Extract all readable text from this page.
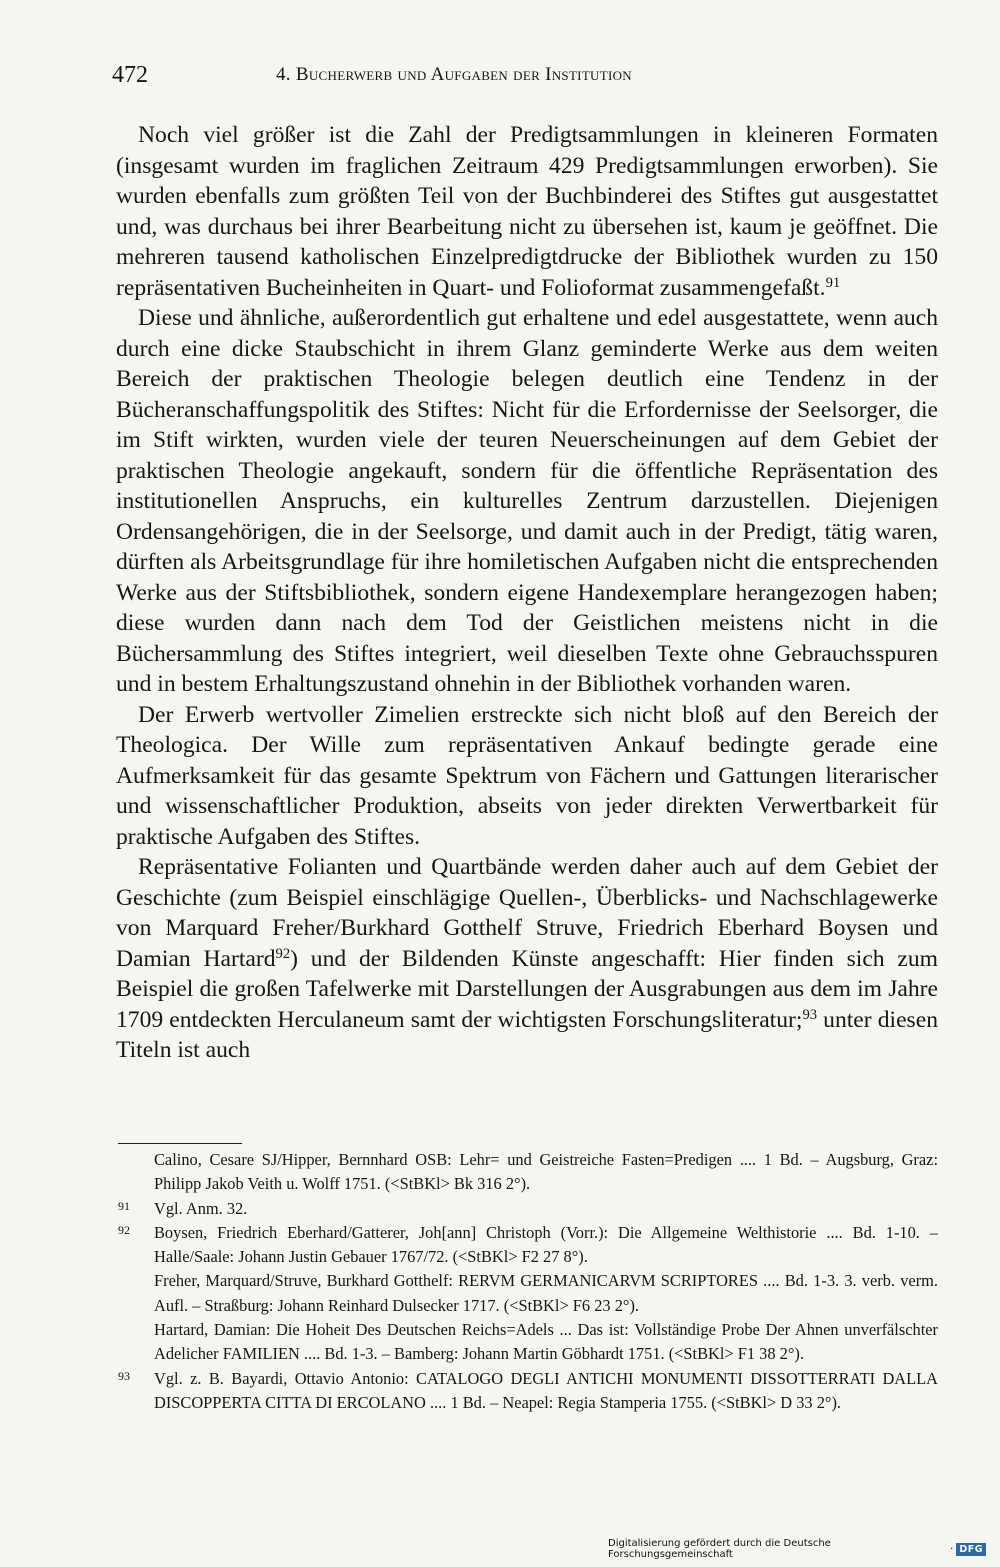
472	4. Bucherwerb und Aufgaben der Institution

Noch viel größer ist die Zahl der Predigtsammlungen in kleineren Formaten (insgesamt wurden im fraglichen Zeitraum 429 Predigtsammlungen erworben). Sie wurden ebenfalls zum größten Teil von der Buchbinderei des Stiftes gut ausgestattet und, was durchaus bei ihrer Bearbeitung nicht zu übersehen ist, kaum je geöffnet. Die mehreren tausend katholischen Einzelpredigtdrucke der Bibliothek wurden zu 150 repräsentativen Bucheinheiten in Quart- und Folioformat zusammengefaßt.$^{91}$

Diese und ähnliche, außerordentlich gut erhaltene und edel ausgestattete, wenn auch durch eine dicke Staubschicht in ihrem Glanz geminderte Werke aus dem weiten Bereich der praktischen Theologie belegen deutlich eine Tendenz in der Bücheranschaffungspolitik des Stiftes: Nicht für die Erfordernisse der Seelsorger, die im Stift wirkten, wurden viele der teuren Neuerscheinungen auf dem Gebiet der praktischen Theologie angekauft, sondern für die öffentliche Repräsentation des institutionellen Anspruchs, ein kulturelles Zentrum darzustellen. Diejenigen Ordensangehörigen, die in der Seelsorge, und damit auch in der Predigt, tätig waren, dürften als Arbeitsgrundlage für ihre homiletischen Aufgaben nicht die entsprechenden Werke aus der Stiftsbibliothek, sondern eigene Handexemplare herangezogen haben; diese wurden dann nach dem Tod der Geistlichen meistens nicht in die Büchersammlung des Stiftes integriert, weil dieselben Texte ohne Gebrauchsspuren und in bestem Erhaltungszustand ohnehin in der Bibliothek vorhanden waren.

Der Erwerb wertvoller Zimelien erstreckte sich nicht bloß auf den Bereich der Theologica. Der Wille zum repräsentativen Ankauf bedingte gerade eine Aufmerksamkeit für das gesamte Spektrum von Fächern und Gattungen literarischer und wissenschaftlicher Produktion, abseits von jeder direkten Verwertbarkeit für praktische Aufgaben des Stiftes.

Repräsentative Folianten und Quartbände werden daher auch auf dem Gebiet der Geschichte (zum Beispiel einschlägige Quellen-, Überblicks- und Nachschlagewerke von Marquard Freher/Burkhard Gotthelf Struve, Friedrich Eberhard Boysen und Damian Hartard$^{92}$) und der Bildenden Künste angeschafft: Hier finden sich zum Beispiel die großen Tafelwerke mit Darstellungen der Ausgrabungen aus dem im Jahre 1709 entdeckten Herculaneum samt der wichtigsten Forschungsliteratur;$^{93}$ unter diesen Titeln ist auch

Calino, Cesare SJ/Hipper, Bernnhard OSB: Lehr= und Geistreiche Fasten=Predigen .... 1 Bd. – Augsburg, Graz: Philipp Jakob Veith u. Wolff 1751. (<StBKl> Bk 316 2°).

91 Vgl. Anm. 32.

92 Boysen, Friedrich Eberhard/Gatterer, Joh[ann] Christoph (Vorr.): Die Allgemeine Welthistorie .... Bd. 1-10. – Halle/Saale: Johann Justin Gebauer 1767/72. (<StBKl> F2 27 8°).

Freher, Marquard/Struve, Burkhard Gotthelf: RERVM GERMANICARVM SCRIPTORES .... Bd. 1-3. 3. verb. verm. Aufl. – Straßburg: Johann Reinhard Dulsecker 1717. (<StBKl> F6 23 2°).

Hartard, Damian: Die Hoheit Des Deutschen Reichs=Adels ... Das ist: Vollständige Probe Der Ahnen unverfälschter Adelicher FAMILIEN .... Bd. 1-3. – Bamberg: Johann Martin Göbhardt 1751. (<StBKl> F1 38 2°).

93 Vgl. z. B. Bayardi, Ottavio Antonio: CATALOGO DEGLI ANTICHI MONUMENTI DISSOTTERRATI DALLA DISCOPPERTA CITTA DI ERCOLANO .... 1 Bd. – Neapel: Regia Stamperia 1755. (<StBKl> D 33 2°).

Digitalisierung gefördert durch die Deutsche Forschungsgemeinschaft	· DFG
